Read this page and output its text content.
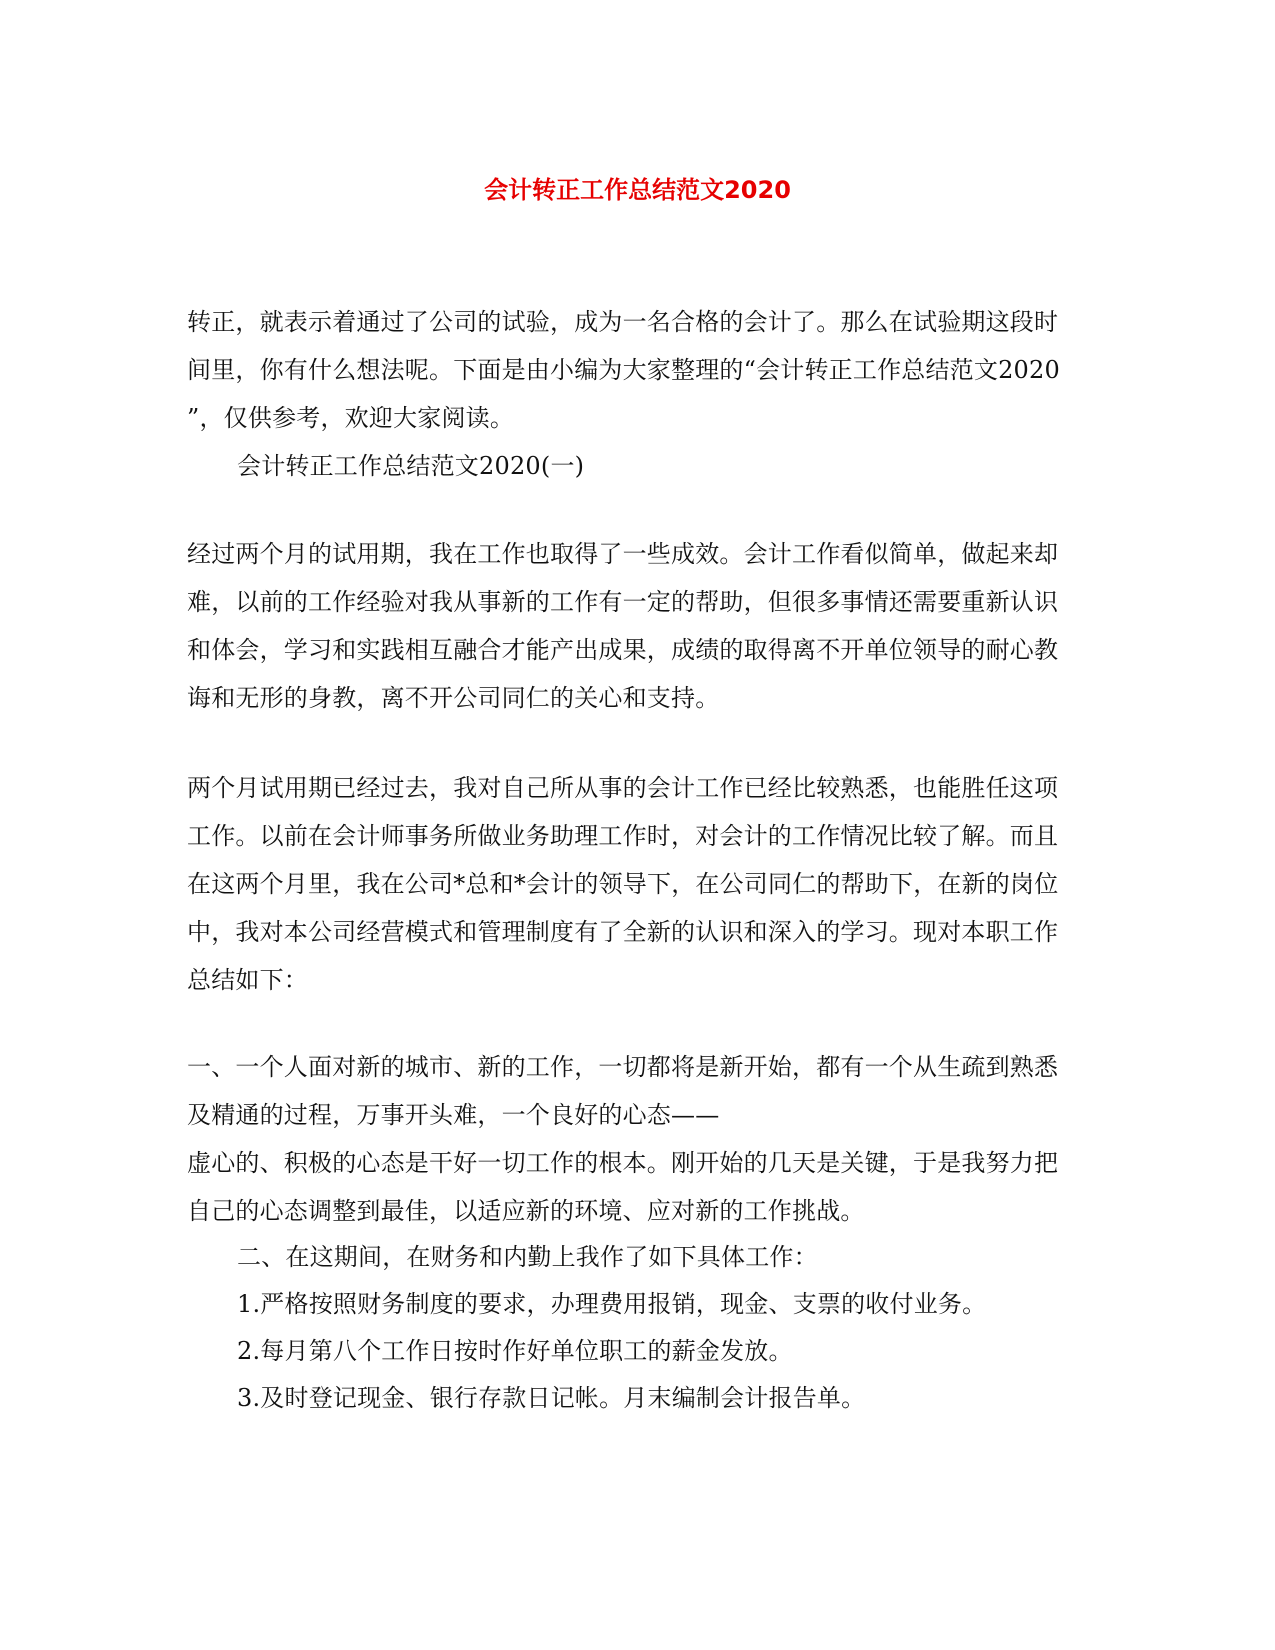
会计转正工作总结范文2020

转正，就表示着通过了公司的试验，成为一名合格的会计了。那么在试验期这段时
间里，你有什么想法呢。下面是由小编为大家整理的“会计转正工作总结范文2020
”，仅供参考，欢迎大家阅读。

会计转正工作总结范文2020(一)

经过两个月的试用期，我在工作也取得了一些成效。会计工作看似简单，做起来却
难，以前的工作经验对我从事新的工作有一定的帮助，但很多事情还需要重新认识
和体会，学习和实践相互融合才能产出成果，成绩的取得离不开单位领导的耐心教
诲和无形的身教，离不开公司同仁的关心和支持。

两个月试用期已经过去，我对自己所从事的会计工作已经比较熟悉，也能胜任这项
工作。以前在会计师事务所做业务助理工作时，对会计的工作情况比较了解。而且
在这两个月里，我在公司*总和*会计的领导下，在公司同仁的帮助下，在新的岗位
中，我对本公司经营模式和管理制度有了全新的认识和深入的学习。现对本职工作
总结如下：

一、一个人面对新的城市、新的工作，一切都将是新开始，都有一个从生疏到熟悉
及精通的过程，万事开头难，一个良好的心态——
虚心的、积极的心态是干好一切工作的根本。刚开始的几天是关键，于是我努力把
自己的心态调整到最佳，以适应新的环境、应对新的工作挑战。

二、在这期间，在财务和内勤上我作了如下具体工作：

1.严格按照财务制度的要求，办理费用报销，现金、支票的收付业务。

2.每月第八个工作日按时作好单位职工的薪金发放。

3.及时登记现金、银行存款日记帐。月末编制会计报告单。
